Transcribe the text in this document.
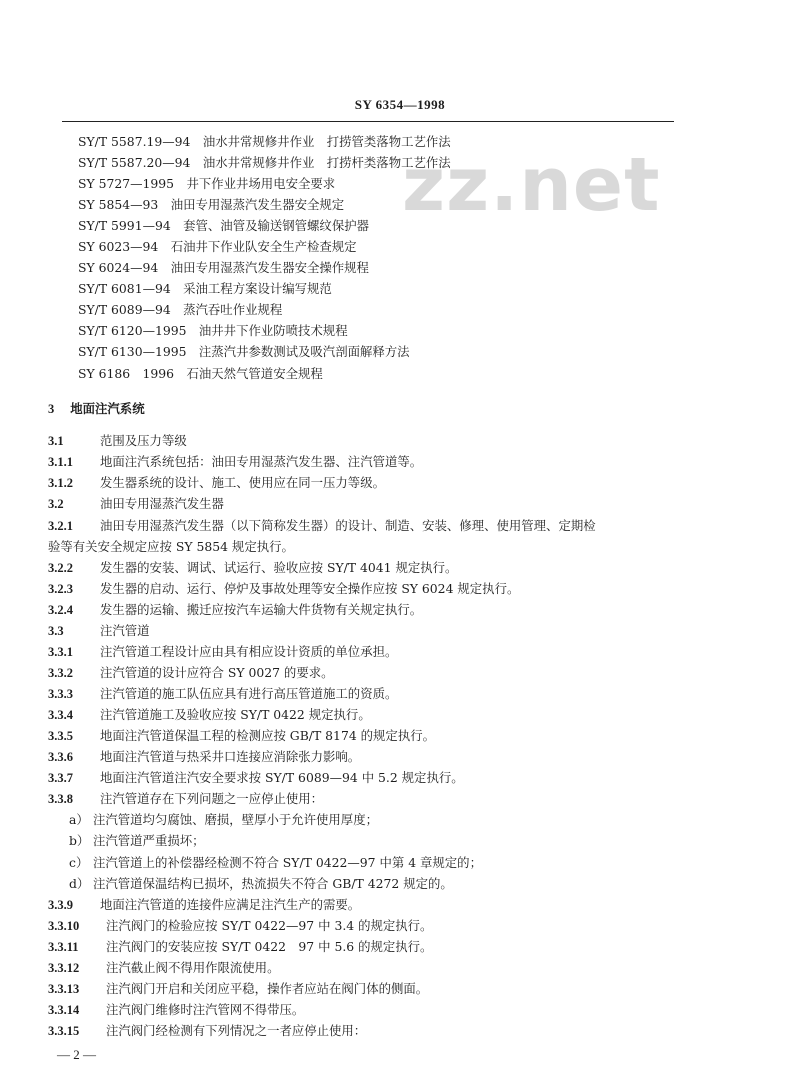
SY 6354—1998
zz.net
SY/T 5587.19—94　油水井常规修井作业　打捞管类落物工艺作法
SY/T 5587.20—94　油水井常规修井作业　打捞杆类落物工艺作法
SY 5727—1995　井下作业井场用电安全要求
SY 5854—93　油田专用湿蒸汽发生器安全规定
SY/T 5991—94　套管、油管及输送钢管螺纹保护器
SY 6023—94　石油井下作业队安全生产检查规定
SY 6024—94　油田专用湿蒸汽发生器安全操作规程
SY/T 6081—94　采油工程方案设计编写规范
SY/T 6089—94　蒸汽吞吐作业规程
SY/T 6120—1995　油井井下作业防喷技术规程
SY/T 6130—1995　注蒸汽井参数测试及吸汽剖面解释方法
SY 6186　1996　石油天然气管道安全规程
3 地面注汽系统
3.1	范围及压力等级
3.1.1 地面注汽系统包括：油田专用湿蒸汽发生器、注汽管道等。
3.1.2 发生器系统的设计、施工、使用应在同一压力等级。
3.2	油田专用湿蒸汽发生器
3.2.1 油田专用湿蒸汽发生器（以下简称发生器）的设计、制造、安装、修理、使用管理、定期检
验等有关安全规定应按 SY 5854 规定执行。
3.2.2 发生器的安装、调试、试运行、验收应按 SY/T 4041 规定执行。
3.2.3 发生器的启动、运行、停炉及事故处理等安全操作应按 SY 6024 规定执行。
3.2.4 发生器的运输、搬迁应按汽车运输大件货物有关规定执行。
3.3	注汽管道
3.3.1 注汽管道工程设计应由具有相应设计资质的单位承担。
3.3.2 注汽管道的设计应符合 SY 0027 的要求。
3.3.3 注汽管道的施工队伍应具有进行高压管道施工的资质。
3.3.4 注汽管道施工及验收应按 SY/T 0422 规定执行。
3.3.5 地面注汽管道保温工程的检测应按 GB/T 8174 的规定执行。
3.3.6 地面注汽管道与热采井口连接应消除张力影响。
3.3.7 地面注汽管道注汽安全要求按 SY/T 6089—94 中 5.2 规定执行。
3.3.8 注汽管道存在下列问题之一应停止使用：
a） 注汽管道均匀腐蚀、磨损，壁厚小于允许使用厚度；
b） 注汽管道严重损坏；
c） 注汽管道上的补偿器经检测不符合 SY/T 0422—97 中第 4 章规定的；
d） 注汽管道保温结构已损坏，热流损失不符合 GB/T 4272 规定的。
3.3.9 地面注汽管道的连接件应满足注汽生产的需要。
3.3.10 注汽阀门的检验应按 SY/T 0422—97 中 3.4 的规定执行。
3.3.11 注汽阀门的安装应按 SY/T 0422　97 中 5.6 的规定执行。
3.3.12 注汽截止阀不得用作限流使用。
3.3.13 注汽阀门开启和关闭应平稳，操作者应站在阀门体的侧面。
3.3.14 注汽阀门维修时注汽管网不得带压。
3.3.15 注汽阀门经检测有下列情况之一者应停止使用：
— 2 —
